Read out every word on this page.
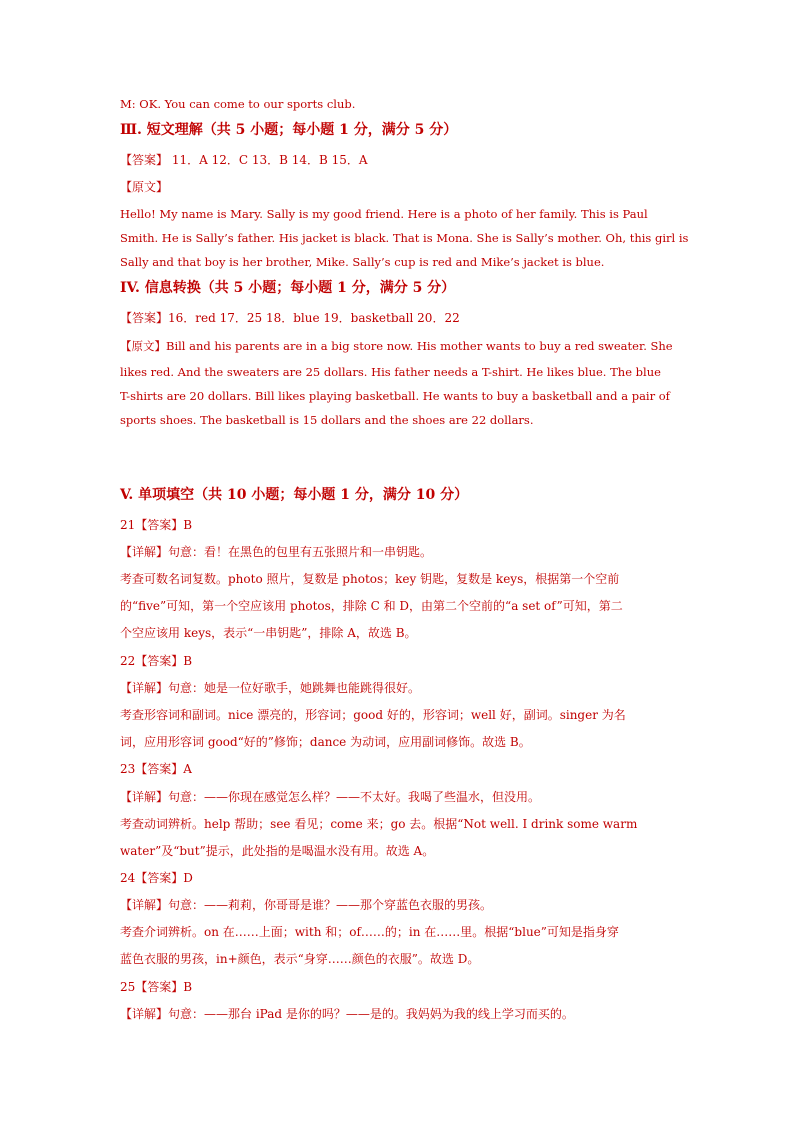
M: OK. You can come to our sports club.
Ⅲ. 短文理解（共 5 小题；每小题 1 分，满分 5 分）
【答案】 11．A 12．C 13．B 14．B 15．A
【原文】
Hello! My name is Mary. Sally is my good friend. Here is a photo of her family. This is Paul
Smith. He is Sally’s father. His jacket is black. That is Mona. She is Sally’s mother. Oh, this girl is
Sally and that boy is her brother, Mike. Sally’s cup is red and Mike’s jacket is blue.
IV. 信息转换（共 5 小题；每小题 1 分，满分 5 分）
【答案】16．red 17．25 18．blue 19．basketball 20．22
【原文】Bill and his parents are in a big store now. His mother wants to buy a red sweater. She
likes red. And the sweaters are 25 dollars. His father needs a T-shirt. He likes blue. The blue
T-shirts are 20 dollars. Bill likes playing basketball. He wants to buy a basketball and a pair of
sports shoes. The basketball is 15 dollars and the shoes are 22 dollars.
V. 单项填空（共 10 小题；每小题 1 分，满分 10 分）
21【答案】B
【详解】句意：看！在黑色的包里有五张照片和一串钥匙。
考查可数名词复数。photo 照片，复数是 photos；key 钥匙，复数是 keys，根据第一个空前
的“five”可知，第一个空应该用 photos，排除 C 和 D，由第二个空前的“a set of”可知，第二
个空应该用 keys，表示“一串钥匙”，排除 A，故选 B。
22【答案】B
【详解】句意：她是一位好歌手，她跳舞也能跳得很好。
考查形容词和副词。nice 漂亮的，形容词；good 好的，形容词；well 好，副词。singer 为名
词，应用形容词 good“好的”修饰；dance 为动词，应用副词修饰。故选 B。
23【答案】A
【详解】句意：——你现在感觉怎么样？——不太好。我喝了些温水，但没用。
考查动词辨析。help 帮助；see 看见；come 来；go 去。根据“Not well. I drink some warm
water”及“but”提示，此处指的是喝温水没有用。故选 A。
24【答案】D
【详解】句意：——莉莉，你哥哥是谁？——那个穿蓝色衣服的男孩。
考查介词辨析。on 在……上面；with 和；of……的；in 在……里。根据“blue”可知是指身穿
蓝色衣服的男孩，in+颜色，表示“身穿……颜色的衣服”。故选 D。
25【答案】B
【详解】句意：——那台 iPad 是你的吗？——是的。我妈妈为我的线上学习而买的。
